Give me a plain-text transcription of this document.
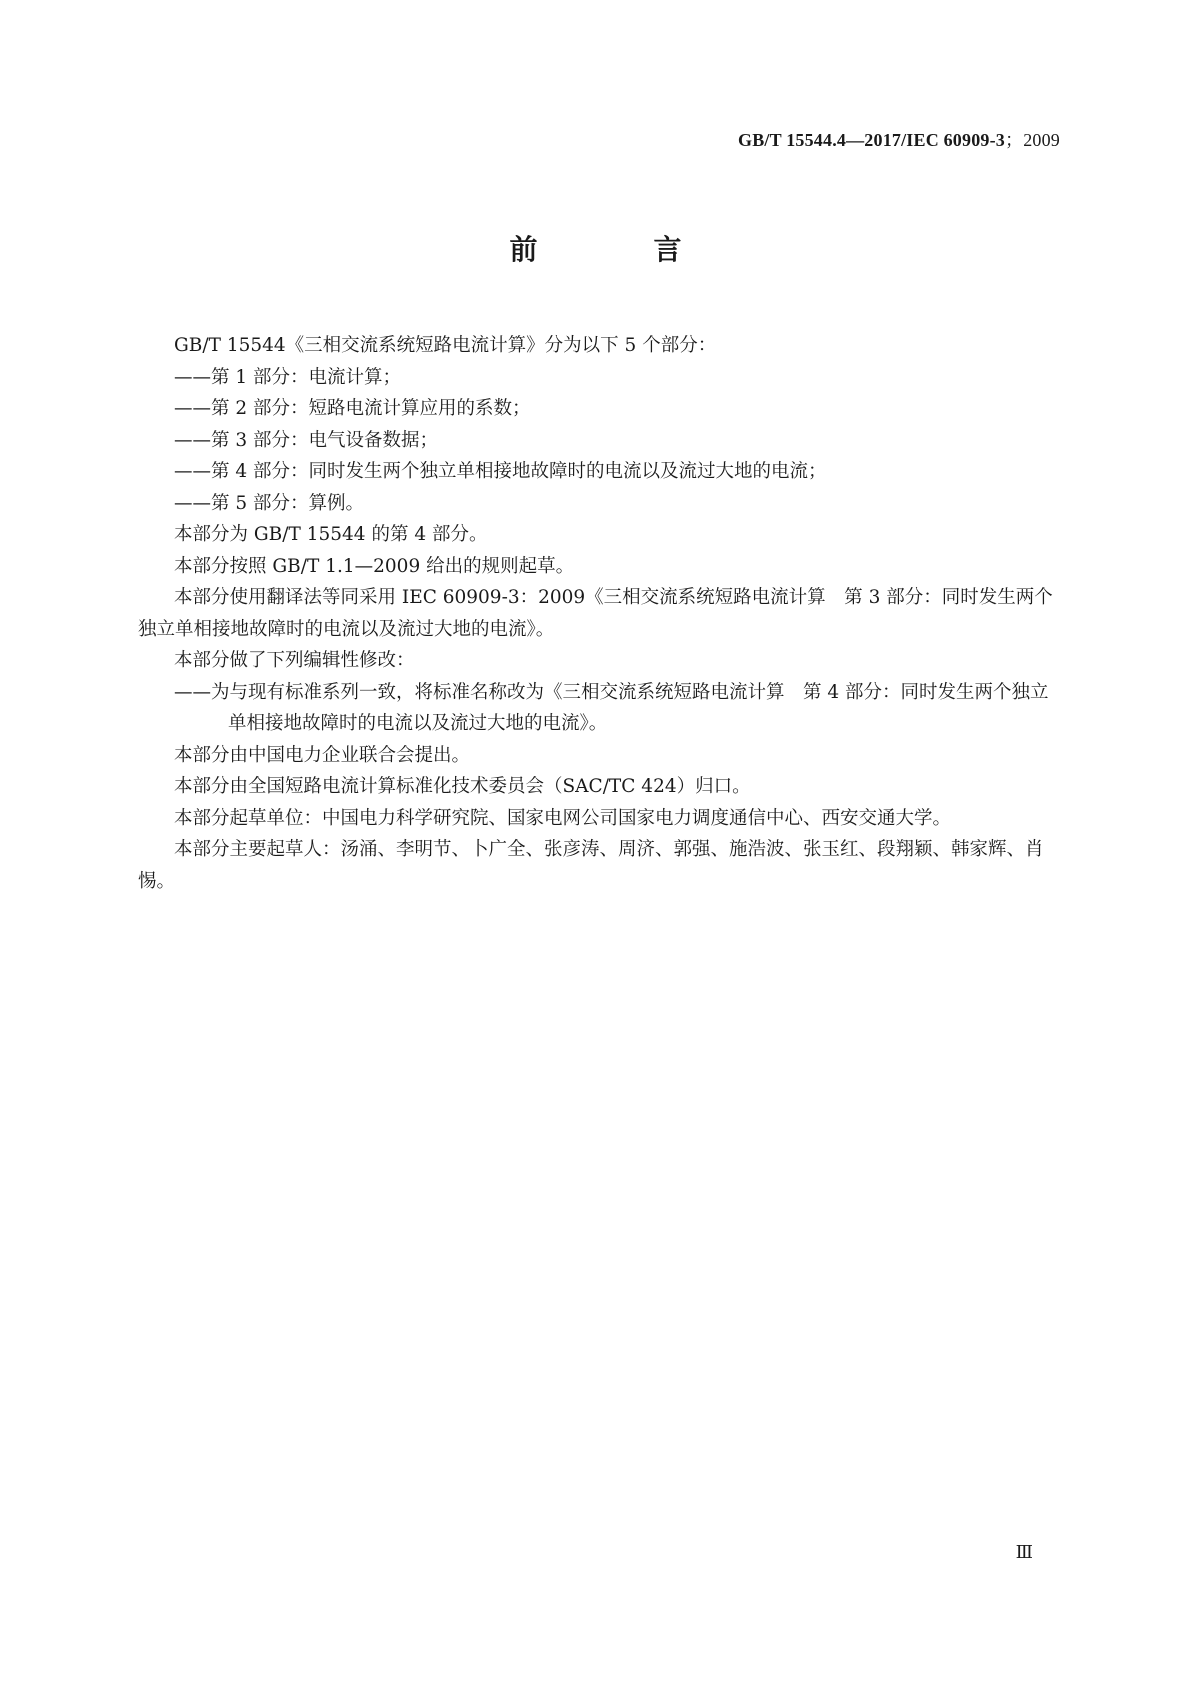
GB/T 15544.4—2017/IEC 60909-3；2009
前　言

GB/T 15544《三相交流系统短路电流计算》分为以下 5 个部分：

——第 1 部分：电流计算；

——第 2 部分：短路电流计算应用的系数；

——第 3 部分：电气设备数据；

——第 4 部分：同时发生两个独立单相接地故障时的电流以及流过大地的电流；

——第 5 部分：算例。

本部分为 GB/T 15544 的第 4 部分。

本部分按照 GB/T 1.1—2009 给出的规则起草。

本部分使用翻译法等同采用 IEC 60909-3：2009《三相交流系统短路电流计算　第 3 部分：同时发生两个独立单相接地故障时的电流以及流过大地的电流》。

本部分做了下列编辑性修改：

——为与现有标准系列一致，将标准名称改为《三相交流系统短路电流计算　第 4 部分：同时发生两个独立单相接地故障时的电流以及流过大地的电流》。

本部分由中国电力企业联合会提出。

本部分由全国短路电流计算标准化技术委员会（SAC/TC 424）归口。

本部分起草单位：中国电力科学研究院、国家电网公司国家电力调度通信中心、西安交通大学。

本部分主要起草人：汤涌、李明节、卜广全、张彦涛、周济、郭强、施浩波、张玉红、段翔颖、韩家辉、肖惕。

Ⅲ
